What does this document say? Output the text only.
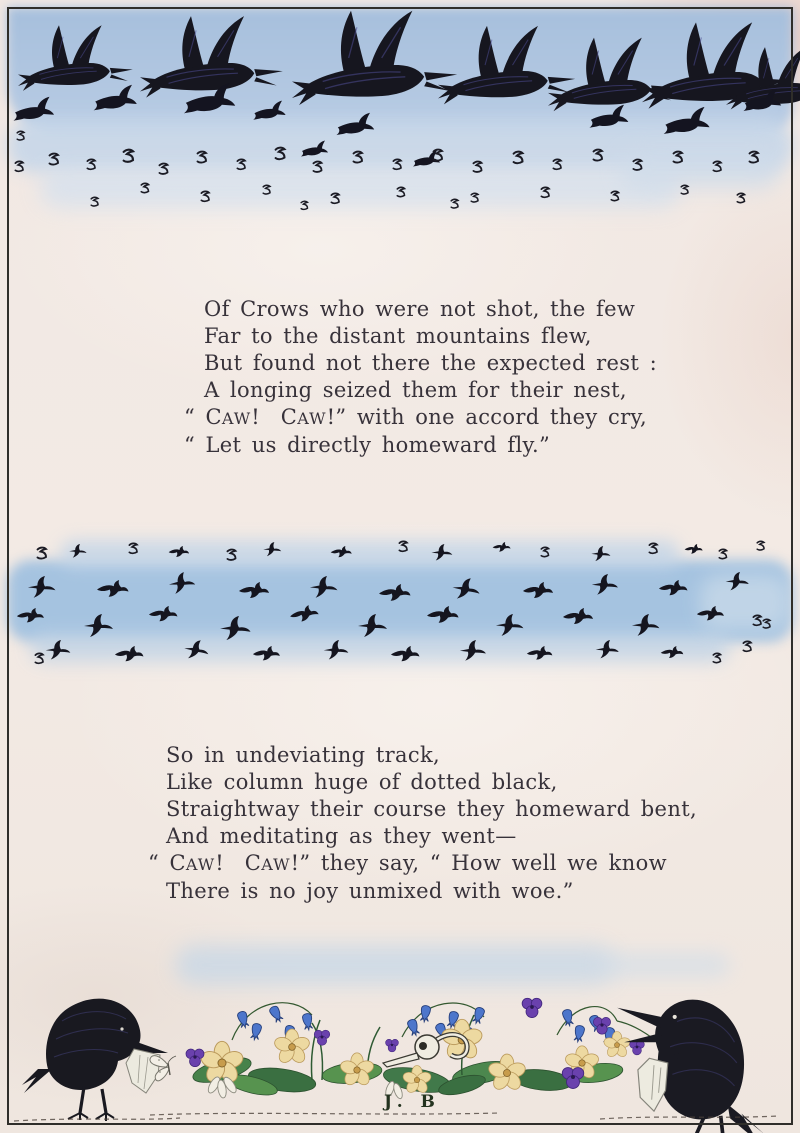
Of Crows who were not shot, the few

Far to the distant mountains flew,

But found not there the expected rest :

A longing seized them for their nest,

“ CAW!  CAW!” with one accord they cry,

“ Let us directly homeward fly.”

So in undeviating track,

Like column huge of dotted black,

Straightway their course they homeward bent,

And meditating as they went—

“ CAW!  CAW!” they say, “ How well we know

There is no joy unmixed with woe.”

J. B
